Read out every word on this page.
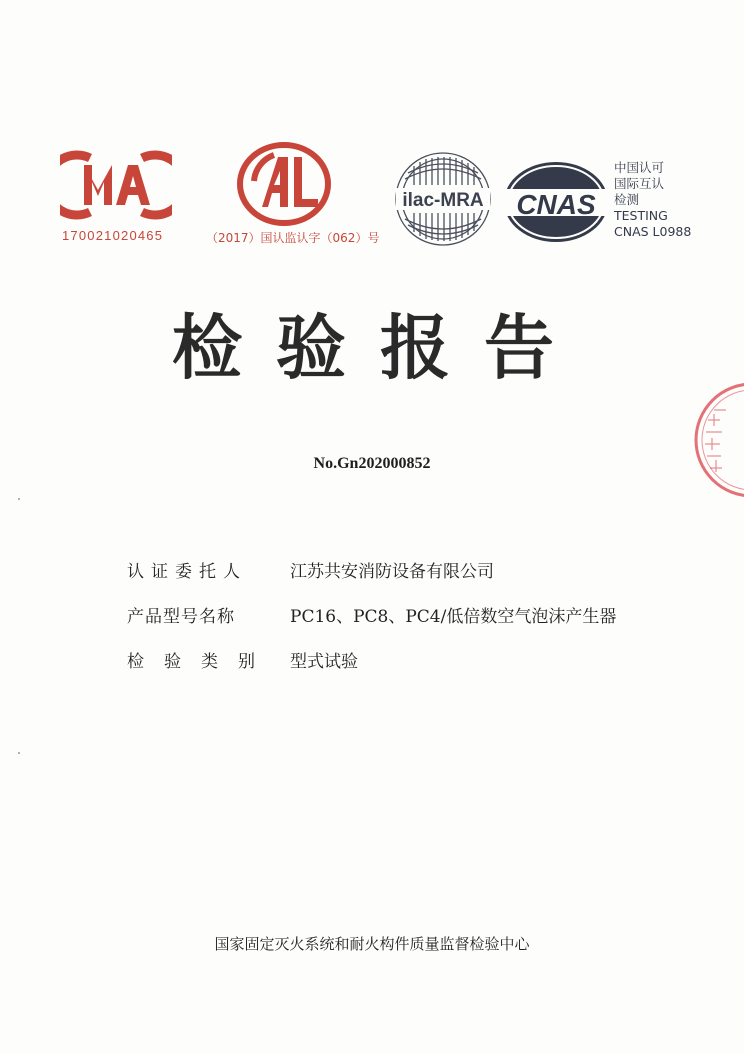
170021020465	（2017）国认监认字（062）号
ilac-MRA CNAS
中国认可
国际互认
检测
TESTING
CNAS L0988
检验报告
No.Gn202000852
认证委托人	江苏共安消防设备有限公司
产品型号名称	PC16、PC8、PC4/低倍数空气泡沫产生器
检验类别 型式试验
国家固定灭火系统和耐火构件质量监督检验中心
